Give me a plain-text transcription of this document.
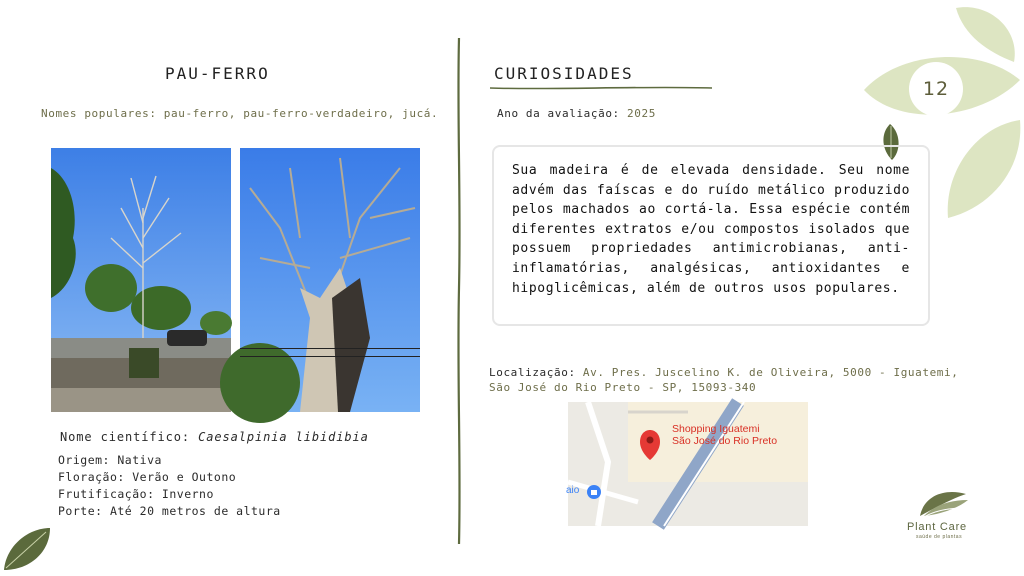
12
PAU-FERRO
Nomes populares: pau-ferro, pau-ferro-verdadeiro, jucá.
Nome científico: Caesalpinia libidibia
Origem: Nativa
Floração: Verão e Outono
Frutificação: Inverno
Porte: Até 20 metros de altura
CURIOSIDADES
Ano da avaliação: 2025
Sua madeira é de elevada densidade. Seu nome advém das faíscas e do ruído metálico produzido pelos machados ao cortá-la. Essa espécie contém diferentes extratos e/ou compostos isolados que possuem propriedades antimicrobianas, anti-inflamatórias, analgésicas, antioxidantes e hipoglicêmicas, além de outros usos populares.
Localização: Av. Pres. Juscelino K. de Oliveira, 5000 - Iguatemi, São José do Rio Preto - SP, 15093-340
Shopping Iguatemi
São José do Rio Preto
aio
Plant Care
saúde de plantas
